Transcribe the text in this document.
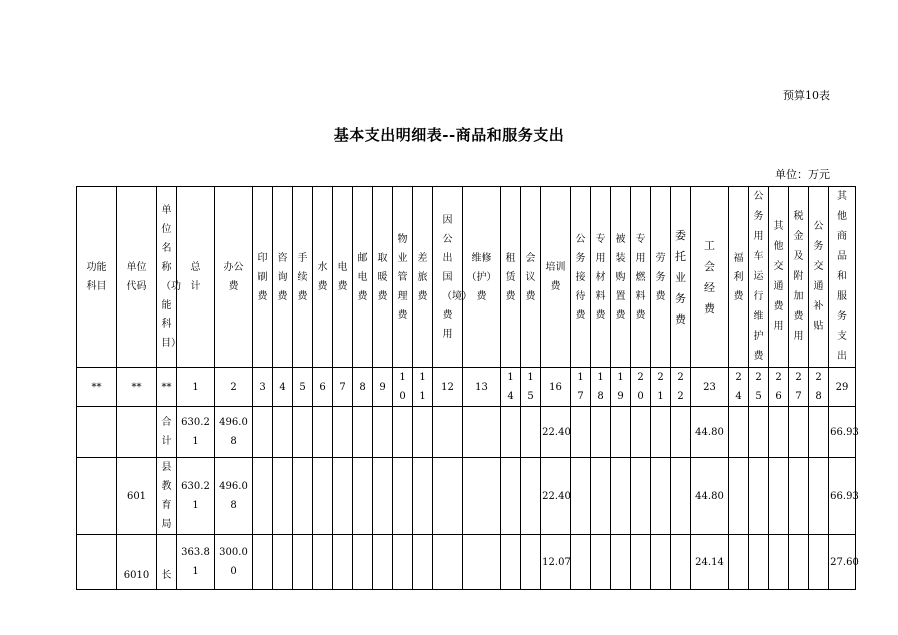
预算10表
基本支出明细表--商品和服务支出
单位：万元
功能科目	单位代码	单位名称（功能科目）	总计	办公费	印刷费	咨询费	手续费	水费	电费	邮电费	取暖费	物业管理费	差旅费	因公出国（境）费用	维修（护）费	租赁费	会议费	培训费	公务接待费	专用材料费	被装购置费	专用燃料费	劳务费	委托业务费	工会经费	福利费	公务用车运行维护费	其他交通费用	税金及附加费用	公务交通补贴	其他商品和服务支出

**	**	**	1	2	3	4	5	6	7	8	9	10	11	12	13	14	15	16	17	18	19	20	21	22	23	24	25	26	27	28	29

		合计	630.21	496.08														22.40							44.80						66.93

	601	县教育局	630.21	496.08														22.40							44.80						66.93

	6010	长	363.81	300.00														12.07							24.14						27.60
